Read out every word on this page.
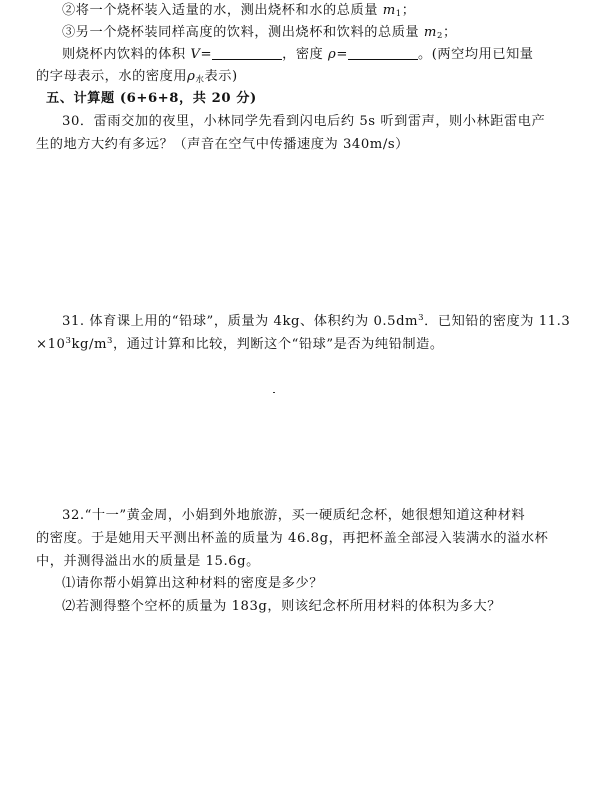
②将一个烧杯装入适量的水，测出烧杯和水的总质量 $m_1$；
③另一个烧杯装同样高度的饮料，测出烧杯和饮料的总质量 $m_2$；
则烧杯内饮料的体积 V=	，密度 ρ=	。(两空均用已知量
的字母表示，水的密度用$\rho_水$表示)
五、计算题 (6+6+8，共 20 分)
30．雷雨交加的夜里，小林同学先看到闪电后约 5s 听到雷声，则小林距雷电产
生的地方大约有多远？（声音在空气中传播速度为 340m/s）
31. 体育课上用的“铅球”，质量为 4kg、体积约为 $0.5dm^3$．已知铅的密度为 11.3
$\times 10^3kg/m^3$，通过计算和比较，判断这个“铅球”是否为纯铅制造。
32.“十一”黄金周，小娟到外地旅游，买一硬质纪念杯，她很想知道这种材料
的密度。于是她用天平测出杯盖的质量为 46.8g，再把杯盖全部浸入装满水的溢水杯
中，并测得溢出水的质量是 15.6g。
⑴请你帮小娟算出这种材料的密度是多少？
⑵若测得整个空杯的质量为 183g，则该纪念杯所用材料的体积为多大？
